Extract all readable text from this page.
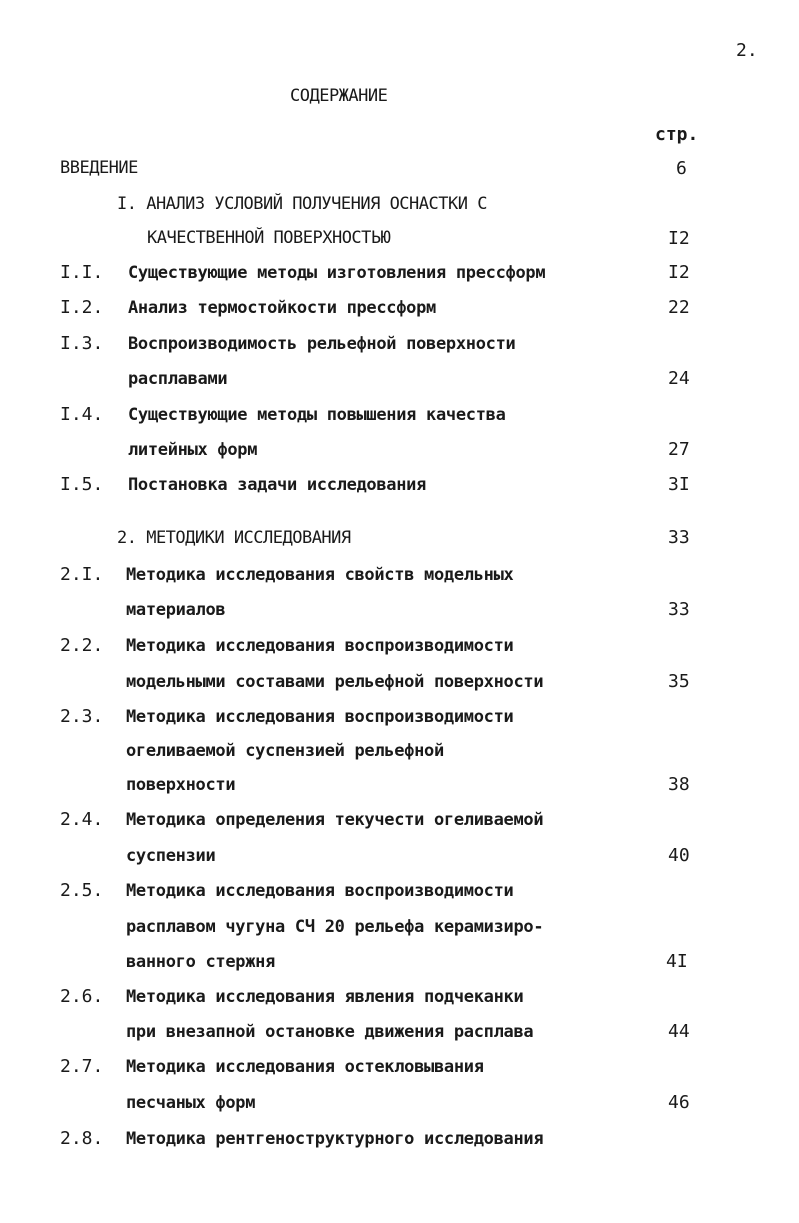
2.
СОДЕРЖАНИЕ
стр.
ВВЕДЕНИЕ	6
I. АНАЛИЗ УСЛОВИЙ ПОЛУЧЕНИЯ ОСНАСТКИ С
КАЧЕСТВЕННОЙ ПОВЕРХНОСТЬЮ	I2
I.I. Существующие методы изготовления прессформ	I2
I.2. Анализ термостойкости прессформ	22
I.3. Воспроизводимость рельефной поверхности
расплавами	24
I.4. Существующие методы повышения качества
литейных форм	27
I.5. Постановка задачи исследования	3I
2. МЕТОДИКИ ИССЛЕДОВАНИЯ	33
2.I. Методика исследования свойств модельных
материалов	33
2.2. Методика исследования воспроизводимости
модельными составами рельефной поверхности	35
2.3. Методика исследования воспроизводимости
огеливаемой суспензией рельефной
поверхности	38
2.4. Методика определения текучести огеливаемой
суспензии	40
2.5. Методика исследования воспроизводимости
расплавом чугуна СЧ 20 рельефа керамизиро-
ванного стержня	4I
2.6. Методика исследования явления подчеканки
при внезапной остановке движения расплава	44
2.7. Методика исследования остекловывания
песчаных форм	46
2.8. Методика рентгеноструктурного исследования
